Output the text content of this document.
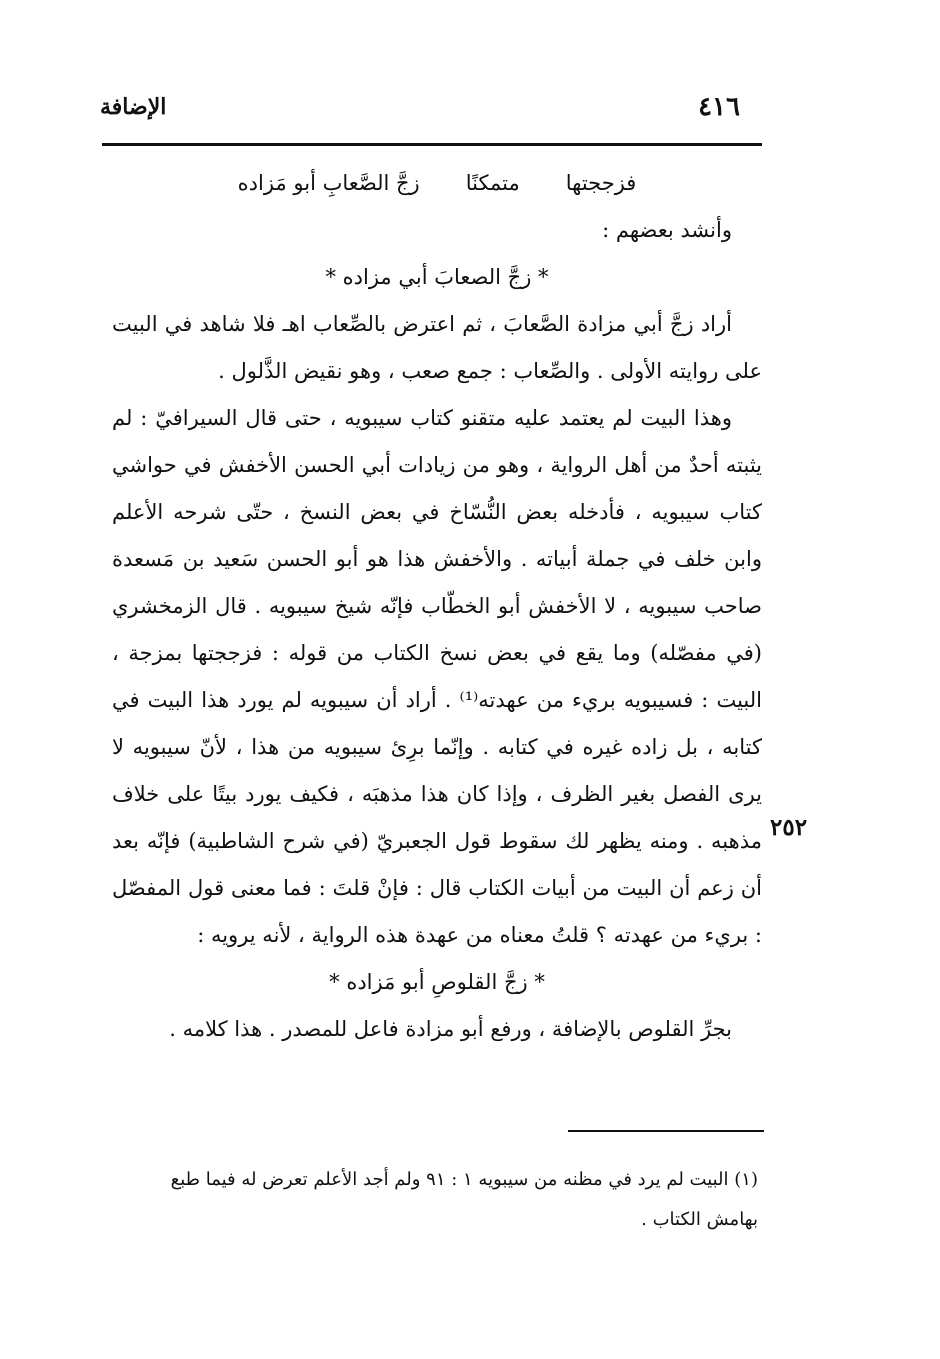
٤١٦
الإضافة

فزججتها
متمكنًا
زجَّ الصَّعابِ أبو مَزاده

وأنشد بعضهم :

* زجَّ الصعابَ أبي مزاده *

أراد زجَّ أبي مزادة الصَّعابَ ، ثم اعترض بالصِّعاب اهـ فلا شاهد في البيت على روايته الأولى . والصِّعاب : جمع صعب ، وهو نقيض الذَّلول .

وهذا البيت لم يعتمد عليه متقنو كتاب سيبويه ، حتى قال السيرافيّ : لم يثبته أحدٌ من أهل الرواية ، وهو من زيادات أبي الحسن الأخفش في حواشي كتاب سيبويه ، فأدخله بعض النُّسّاخ في بعض النسخ ، حتّى شرحه الأعلم وابن خلف في جملة أبياته . والأخفش هذا هو أبو الحسن سَعيد بن مَسعدة صاحب سيبويه ، لا الأخفش أبو الخطّاب فإنّه شيخ سيبويه . قال الزمخشري (في مفصّله) وما يقع في بعض نسخ الكتاب من قوله : فزججتها بمزجة ، البيت : فسيبويه بريء من عهدته⁽¹⁾ . أراد أن سيبويه لم يورد هذا البيت في كتابه ، بل زاده غيره في كتابه . وإنّما برِئ سيبويه من هذا ، لأنّ سيبويه لا يرى الفصل بغير الظرف ، وإذا كان هذا مذهبَه ، فكيف يورد بيتًا على خلاف مذهبه . ومنه يظهر لك سقوط قول الجعبريّ (في شرح الشاطبية) فإنّه بعد أن زعم أن البيت من أبيات الكتاب قال : فإنْ قلتَ : فما معنى قول المفصّل : بريء من عهدته ؟ قلتُ معناه من عهدة هذه الرواية ، لأنه يرويه :

* زجَّ القلوصِ أبو مَزاده *

بجرِّ القلوص بالإضافة ، ورفع أبو مزادة فاعل للمصدر . هذا كلامه .

٢٥٢
(١) البيت لم يرد في مظنه من سيبويه ١ : ٩١ ولم أجد الأعلم تعرض له فيما طبع بهامش الكتاب .
